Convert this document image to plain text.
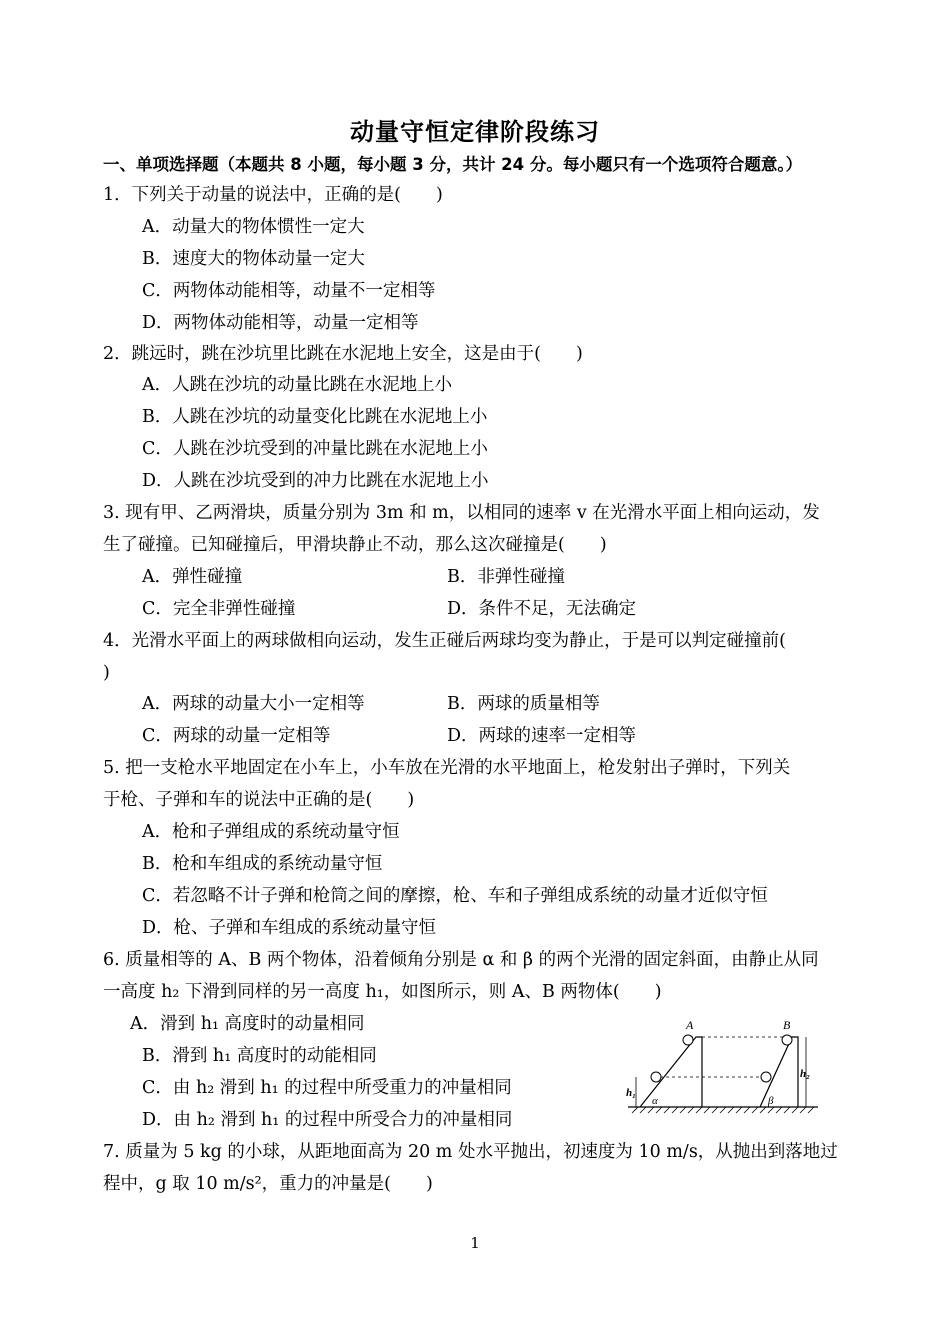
动量守恒定律阶段练习
一、单项选择题（本题共 8 小题，每小题 3 分，共计 24 分。每小题只有一个选项符合题意。）
1．下列关于动量的说法中，正确的是(　　)
A．动量大的物体惯性一定大
B．速度大的物体动量一定大
C．两物体动能相等，动量不一定相等
D．两物体动能相等，动量一定相等
2．跳远时，跳在沙坑里比跳在水泥地上安全，这是由于(　　)
A．人跳在沙坑的动量比跳在水泥地上小
B．人跳在沙坑的动量变化比跳在水泥地上小
C．人跳在沙坑受到的冲量比跳在水泥地上小
D．人跳在沙坑受到的冲力比跳在水泥地上小
3. 现有甲、乙两滑块，质量分别为 3m 和 m，以相同的速率 v 在光滑水平面上相向运动，发
生了碰撞。已知碰撞后，甲滑块静止不动，那么这次碰撞是(　　)
A．弹性碰撞	B．非弹性碰撞
C．完全非弹性碰撞	D．条件不足，无法确定
4．光滑水平面上的两球做相向运动，发生正碰后两球均变为静止，于是可以判定碰撞前(
)
A．两球的动量大小一定相等	B．两球的质量相等
C．两球的动量一定相等	D．两球的速率一定相等
5. 把一支枪水平地固定在小车上，小车放在光滑的水平地面上，枪发射出子弹时，下列关
于枪、子弹和车的说法中正确的是(　　)
A．枪和子弹组成的系统动量守恒
B．枪和车组成的系统动量守恒
C．若忽略不计子弹和枪筒之间的摩擦，枪、车和子弹组成系统的动量才近似守恒
D．枪、子弹和车组成的系统动量守恒
6. 质量相等的 A、B 两个物体，沿着倾角分别是 α 和 β 的两个光滑的固定斜面，由静止从同
一高度 h₂ 下滑到同样的另一高度 h₁，如图所示，则 A、B 两物体(　　)
A．滑到 h₁ 高度时的动量相同
B．滑到 h₁ 高度时的动能相同
C．由 h₂ 滑到 h₁ 的过程中所受重力的冲量相同
D．由 h₂ 滑到 h₁ 的过程中所受合力的冲量相同
A	B
h₁
h₂
α	β
7. 质量为 5 kg 的小球，从距地面高为 20 m 处水平抛出，初速度为 10 m/s，从抛出到落地过
程中，g 取 10 m/s²，重力的冲量是(　　)
1
